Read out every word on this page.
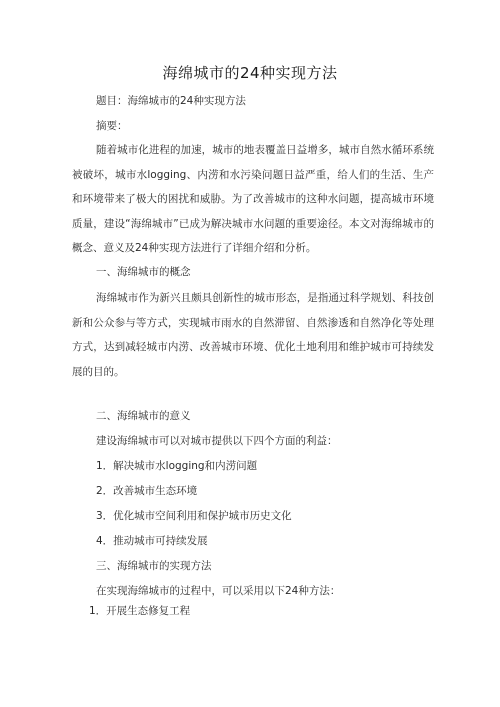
海绵城市的24种实现方法
题目：海绵城市的24种实现方法
摘要：
随着城市化进程的加速，城市的地表覆盖日益增多，城市自然水循环系统被破坏，城市水logging、内涝和水污染问题日益严重，给人们的生活、生产和环境带来了极大的困扰和威胁。为了改善城市的这种水问题，提高城市环境质量，建设“海绵城市”已成为解决城市水问题的重要途径。本文对海绵城市的概念、意义及24种实现方法进行了详细介绍和分析。
一、海绵城市的概念
海绵城市作为新兴且颇具创新性的城市形态，是指通过科学规划、科技创新和公众参与等方式，实现城市雨水的自然滞留、自然渗透和自然净化等处理方式，达到减轻城市内涝、改善城市环境、优化土地利用和维护城市可持续发展的目的。
二、海绵城市的意义
建设海绵城市可以对城市提供以下四个方面的利益：
1．解决城市水logging和内涝问题
2．改善城市生态环境
3．优化城市空间利用和保护城市历史文化
4．推动城市可持续发展
三、海绵城市的实现方法
在实现海绵城市的过程中，可以采用以下24种方法：
1．开展生态修复工程
